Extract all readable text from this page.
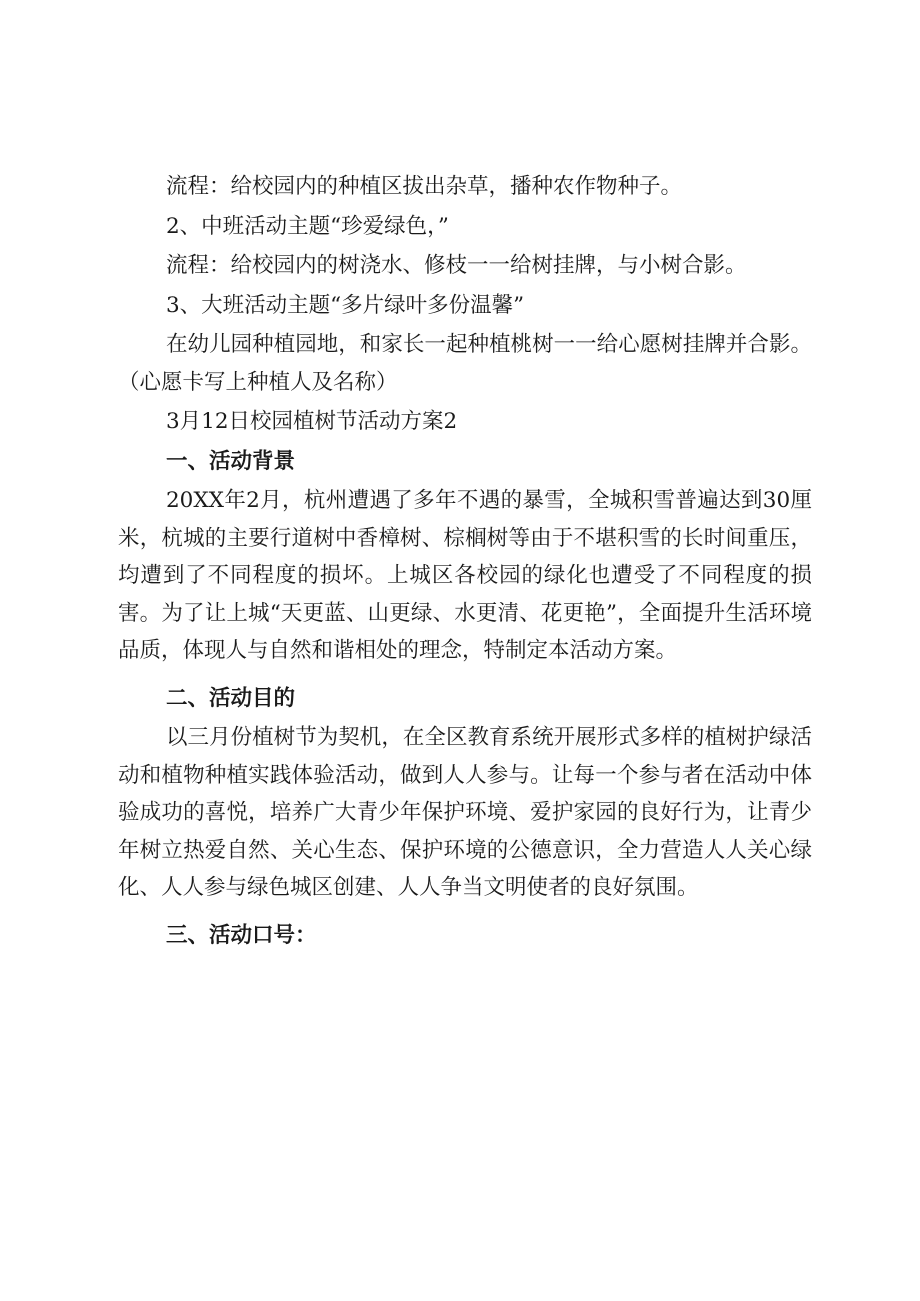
流程：给校园内的种植区拔出杂草，播种农作物种子。

2、中班活动主题“珍爱绿色，”

流程：给校园内的树浇水、修枝一一给树挂牌，与小树合影。

3、大班活动主题“多片绿叶多份温馨”

在幼儿园种植园地，和家长一起种植桃树一一给心愿树挂牌并合影。（心愿卡写上种植人及名称）

3月12日校园植树节活动方案2

一、活动背景

20XX年2月，杭州遭遇了多年不遇的暴雪，全城积雪普遍达到30厘米，杭城的主要行道树中香樟树、棕榈树等由于不堪积雪的长时间重压，均遭到了不同程度的损坏。上城区各校园的绿化也遭受了不同程度的损害。为了让上城“天更蓝、山更绿、水更清、花更艳”，全面提升生活环境品质，体现人与自然和谐相处的理念，特制定本活动方案。

二、活动目的

以三月份植树节为契机，在全区教育系统开展形式多样的植树护绿活动和植物种植实践体验活动，做到人人参与。让每一个参与者在活动中体验成功的喜悦，培养广大青少年保护环境、爱护家园的良好行为，让青少年树立热爱自然、关心生态、保护环境的公德意识，全力营造人人关心绿化、人人参与绿色城区创建、人人争当文明使者的良好氛围。

三、活动口号：
